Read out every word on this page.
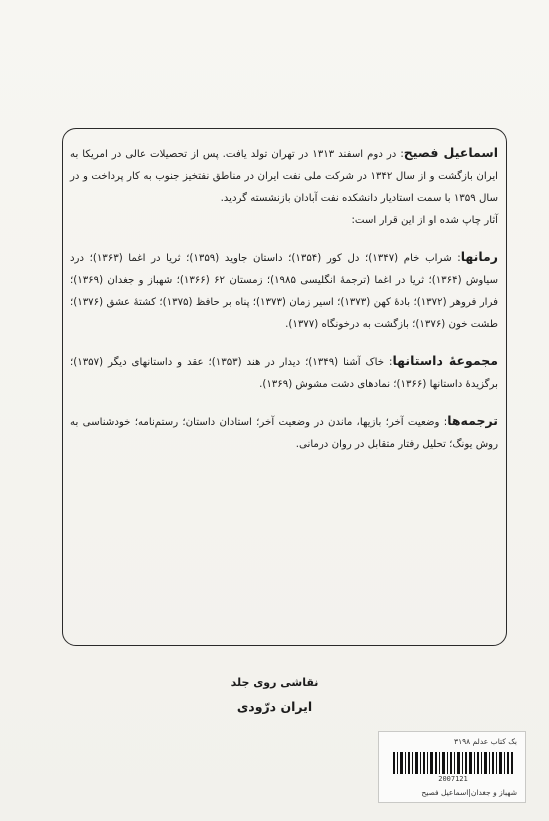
اسماعیل فصیح: در دوم اسفند ۱۳۱۳ در تهران تولد یافت. پس از تحصیلات عالی در امریکا به ایران بازگشت و از سال ۱۳۴۲ در شرکت ملی نفت ایران در مناطق نفتخیز جنوب به کار پرداخت و در سال ۱۳۵۹ با سمت استادیار دانشکده نفت آبادان بازنشسته گردید.

آثار چاپ شده او از این قرار است:

رمانها: شراب خام (۱۳۴۷)؛ دل کور (۱۳۵۴)؛ داستان جاوید (۱۳۵۹)؛ ثریا در اغما (۱۳۶۳)؛ درد سیاوش (۱۳۶۴)؛ ثریا در اغما (ترجمهٔ انگلیسی ۱۹۸۵)؛ زمستان ۶۲ (۱۳۶۶)؛ شهباز و جغدان (۱۳۶۹)؛ فرار فروهر (۱۳۷۲)؛ بادهٔ کهن (۱۳۷۳)؛ اسیر زمان (۱۳۷۳)؛ پناه بر حافظ (۱۳۷۵)؛ کشتهٔ عشق (۱۳۷۶)؛ طشت خون (۱۳۷۶)؛ بازگشت به درخونگاه (۱۳۷۷).

مجموعهٔ داستانها: خاک آشنا (۱۳۴۹)؛ دیدار در هند (۱۳۵۳)؛ عقد و داستانهای دیگر (۱۳۵۷)؛ برگزیدهٔ داستانها (۱۳۶۶)؛ نمادهای دشت مشوش (۱۳۶۹).

ترجمه‌ها: وضعیت آخر؛ بازیها، ماندن در وضعیت آخر؛ استادان داستان؛ رستم‌نامه؛ خودشناسی به روش یونگ؛ تحلیل رفتار متقابل در روان درمانی.

نقاشی روی جلد
ایران درّودی
بک کتاب عدلم ۳۱۹۸
2007121
شهباز و جغدان|اسماعیل فصیح
